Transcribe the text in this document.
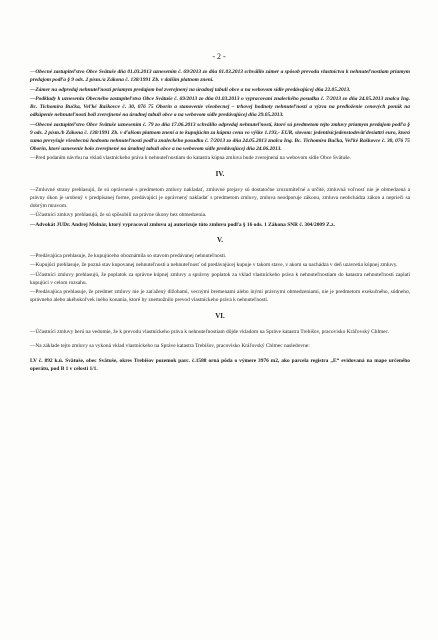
- 2 -

—Obecné zastupiteľstvo Obce Svätuše dňa 01.03.2013 uznesením č. 69/2013 zo dňa 01.03.2013 schválilo zámer a spôsob prevodu vlastníctva k nehnuteľnostiam priamym predajom podľa § 9 ods. 2 písm./a Zákona č. 138/1991 Zb. v dalším platnom znení.

—Zámer na odpredaj nehnuteľností priamym predajom bol zverejnený na úradnej tabuli obce a na webovom sídle predávajúcej dňa 22.05.2013.

—Podklady k uzneseniu Obecného zastupiteľstva Obce Svätuše č. 69/2013 zo dňa 01.03.2013 o vypracovaní znaleckého posudku č. 7/2013 zo dňa 24.05.2013 znalca Ing. Bc. Tichomíra Bučka, Veľké Raškovce č. 30, 076 75 Oborín a stanovenie všeobecnej – trhovej hodnoty nehnuteľností a výzva na predloženie cenových ponúk na odkúpenie nehnuteľností boli zverejnené na úradnej tabuli obce a na webovom sídle predávajúcej dňa 29.05.2013.

—Obecné zastupiteľstvo Obce Svätuše uznesením č. 79 zo dňa 17.06.2013 schválilo odpredaj nehnuteľností, ktoré sú predmetom tejto zmluvy priamym predajom podľa § 9 ods. 2 písm./b Zákona č. 138/1991 Zb. v ďalšom platnom znení a to kupujúcim za kúpnu cenu vo výške 1.193,- EUR, slovom: jedentisícjedenstodeväťdesiattri euro, ktorá suma prevyšuje všeobecnú hodnotu nehnuteľností podľa znaleckého posudku č. 7/2013 zo dňa 24.05.2013 znalca Ing. Bc. Tichomíra Bučka, Veľké Raškovce č. 30, 076 75 Oborín, ktoré uznesenie bolo zverejnené na úradnej tabuli obce a na webovom sídle predávajúcej dňa 24.06.2013.

—Pred podaním návrhu na vklad vlastníckeho práva k nehnuteľnostiam do katastra kúpna zmluva bude zverejnená na webovom sídle Obce Svätuše.

IV.

—Zmluvné strany prehlasujú, že sú oprávnené s predmetom zmluvy nakladať, zmluvné prejavy sú dostatočne zrozumiteľné a určité, zmluvná voľnosť nie je obmedzená a právny úkon je urobený v predpísanej forme, predávajúci je oprávnený nakladať s predmetom zmluvy, zmluva neodporuje zákonu, zmluva neobchádza zákon a neprieči sa dobrým mravom.

—Účastníci zmluvy prehlasujú, že sú spôsobilí na právne úkony bez obmedzenia.

—Advokát JUDr. Andrej Molnár, ktorý vypracoval zmluvu aj autorizuje túto zmluvu podľa § 16 ods. 1 Zákona SNR č. 304/2009 Z.z.

V.

—Predávajúca prehlasuje, že kupujúceho oboznámila so stavom predávanej nehnuteľnosti.

—Kupujúci prehlasuje, že pozná stav kupovanej nehnuteľnosti a nehnuteľnosť od predávajúcej kupuje v takom stave, v akom sa nachádza v deň uzavretia kúpnej zmluvy.

—Účastníci zmluvy prehlasujú, že poplatok za správne kúpnej zmluvy a správny poplatok za vklad vlastníckeho práva k nehnuteľnostiam do katastra nehnuteľností zaplatí kupujúci v celom rozsahu.

—Predávajúca prehlasuje, že predmet zmluvy nie je zaťažený dlžobami, vecnými bremenami alebo inými právnymi obmedzeniami, nie je predmetom exekučného, súdneho, správneho alebo akéhokoľvek iného konania, ktoré by znemožnilo prevod vlastníckeho práva k nehnuteľnosti.

VI.

—Účastníci zmluvy berú na vedomie, že k prevodu vlastníckeho práva k nehnuteľnostiam dôjde vkladom na Správe katastra Trebišov, pracovisko Kráľovský Chlmec.

—Na základe tejto zmluvy sa vykoná vklad vlastníckeho na Správe katastra Trebišov, pracovisko Kráľovský Chlmec nasledovne:

LV č. 892 k.ú. Svätuše, obec Svätuše, okres Trebišov pozemok parc. č.1588 orná pôda o výmere 3976 m2, ako parcela registra „E“ evidovaná na mape určeného operátu, pod B 1 v celosti 1/1.
